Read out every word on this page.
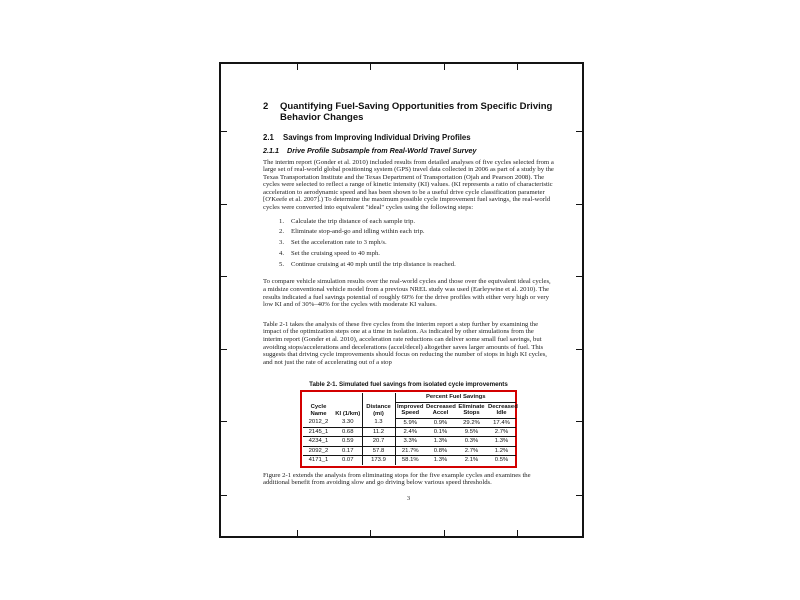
2 Quantifying Fuel-Saving Opportunities from Specific Driving Behavior Changes
2.1 Savings from Improving Individual Driving Profiles
2.1.1 Drive Profile Subsample from Real-World Travel Survey

The interim report (Gonder et al. 2010) included results from detailed analyses of five cycles selected from a large set of real-world global positioning system (GPS) travel data collected in 2006 as part of a study by the Texas Transportation Institute and the Texas Department of Transportation (Ojah and Pearson 2008). The cycles were selected to reflect a range of kinetic intensity (KI) values. (KI represents a ratio of characteristic acceleration to aerodynamic speed and has been shown to be a useful drive cycle classification parameter [O'Keefe et al. 2007].) To determine the maximum possible cycle improvement fuel savings, the real-world cycles were converted into equivalent "ideal" cycles using the following steps:

Calculate the trip distance of each sample trip.
Eliminate stop-and-go and idling within each trip.
Set the acceleration rate to 3 mph/s.
Set the cruising speed to 40 mph.
Continue cruising at 40 mph until the trip distance is reached.

To compare vehicle simulation results over the real-world cycles and those over the equivalent ideal cycles, a midsize conventional vehicle model from a previous NREL study was used (Earleywine et al. 2010). The results indicated a fuel savings potential of roughly 60% for the drive profiles with either very high or very low KI and of 30%–40% for the cycles with moderate KI values.

Table 2-1 takes the analysis of these five cycles from the interim report a step further by examining the impact of the optimization steps one at a time in isolation. As indicated by other simulations from the interim report (Gonder et al. 2010), acceleration rate reductions can deliver some small fuel savings, but avoiding stops/accelerations and decelerations (accel/decel) altogether saves larger amounts of fuel. This suggests that driving cycle improvements should focus on reducing the number of stops in high KI cycles, and not just the rate of accelerating out of a stop

Table 2-1. Simulated fuel savings from isolated cycle improvements
Cycle Name	KI (1/km)	Distance (mi)	Percent Fuel Savings			
			Improved Speed	Decreased Accel	Eliminate Stops	Decreased Idle
2012_2	3.30	1.3	5.9%	0.9%	29.2%	17.4%
2145_1	0.68	11.2	2.4%	0.1%	9.5%	2.7%
4234_1	0.59	20.7	3.3%	1.3%	0.3%	1.3%
2092_2	0.17	57.8	21.7%	0.8%	2.7%	1.2%
4171_1	0.07	173.9	58.1%	1.3%	2.1%	0.5%

Figure 2-1 extends the analysis from eliminating stops for the five example cycles and examines the additional benefit from avoiding slow and go driving below various speed thresholds.

3
